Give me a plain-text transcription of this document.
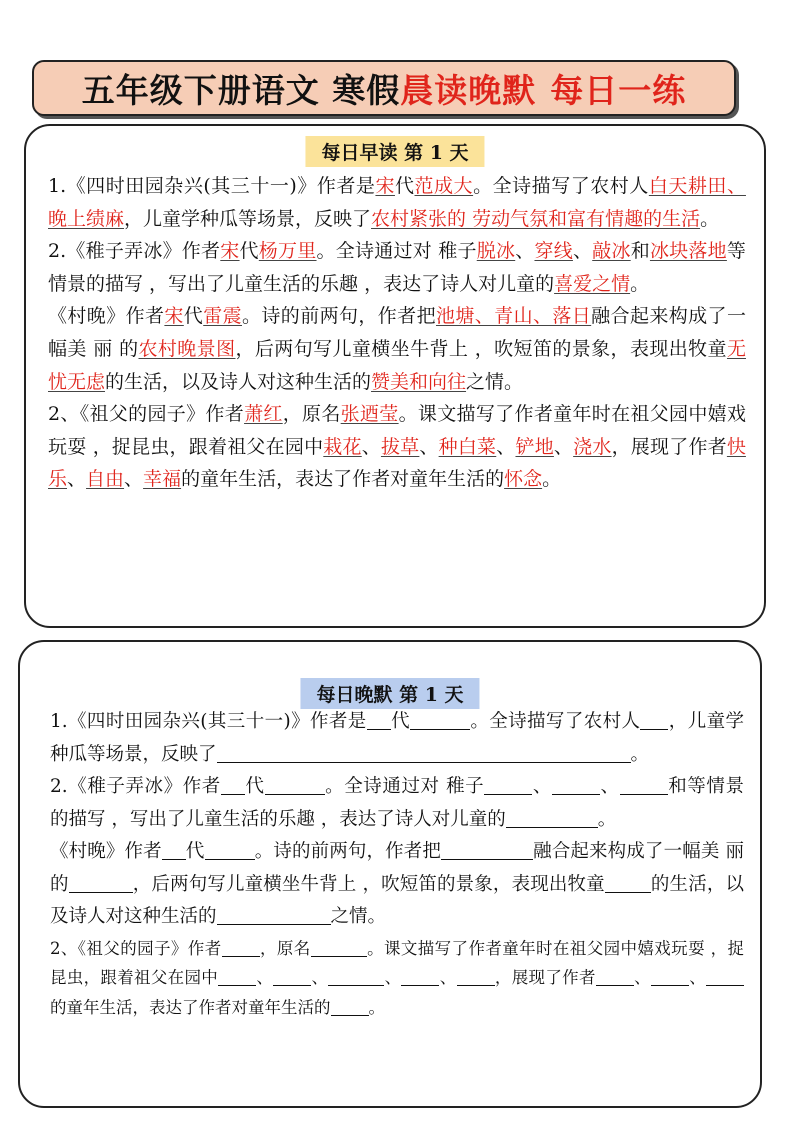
五年级下册语文 寒假 晨读晚默 每日一练
每日早读 第 1 天

1.《四时田园杂兴(其三十一)》作者是宋代范成大。全诗描写了农村人白天耕田、晚上绩麻，儿童学种瓜等场景，反映了农村紧张的 劳动气氛和富有情趣的生活。

2.《稚子弄冰》作者宋代杨万里。全诗通过对 稚子脱冰、穿线、敲冰和冰块落地等情景的描写 ，写出了儿童生活的乐趣 ，表达了诗人对儿童的喜爱之情。

《村晚》作者宋代雷震。诗的前两句，作者把池塘、青山、落日融合起来构成了一幅美 丽 的农村晚景图，后两句写儿童横坐牛背上 ，吹短笛的景象，表现出牧童无忧无虑的生活，以及诗人对这种生活的赞美和向往之情。

2、《祖父的园子》作者萧红，原名张迺莹。课文描写了作者童年时在祖父园中嬉戏玩耍 ，捉昆虫，跟着祖父在园中栽花、拔草、种白菜、铲地、浇水，展现了作者快乐、自由、幸福的童年生活，表达了作者对童年生活的怀念。

每日晚默 第 1 天

1.《四时田园杂兴(其三十一)》作者是 代	。全诗描写了农村人 ，儿童学种瓜等场景，反映了	。

2.《稚子弄冰》作者 代	。全诗通过对 稚子	、	、	和等情景的描写 ，写出了儿童生活的乐趣 ，表达了诗人对儿童的	。

《村晚》作者 代	。诗的前两句，作者把	融合起来构成了一幅美 丽 的	，后两句写儿童横坐牛背上 ，吹短笛的景象，表现出牧童 的生活，以及诗人对这种生活的	之情。

2、《祖父的园子》作者 ，原名	。课文描写了作者童年时在祖父园中嬉戏玩耍 ，捉昆虫，跟着祖父在园中 、 、	、 、 ，展现了作者 、 、的童年生活，表达了作者对童年生活的 。
